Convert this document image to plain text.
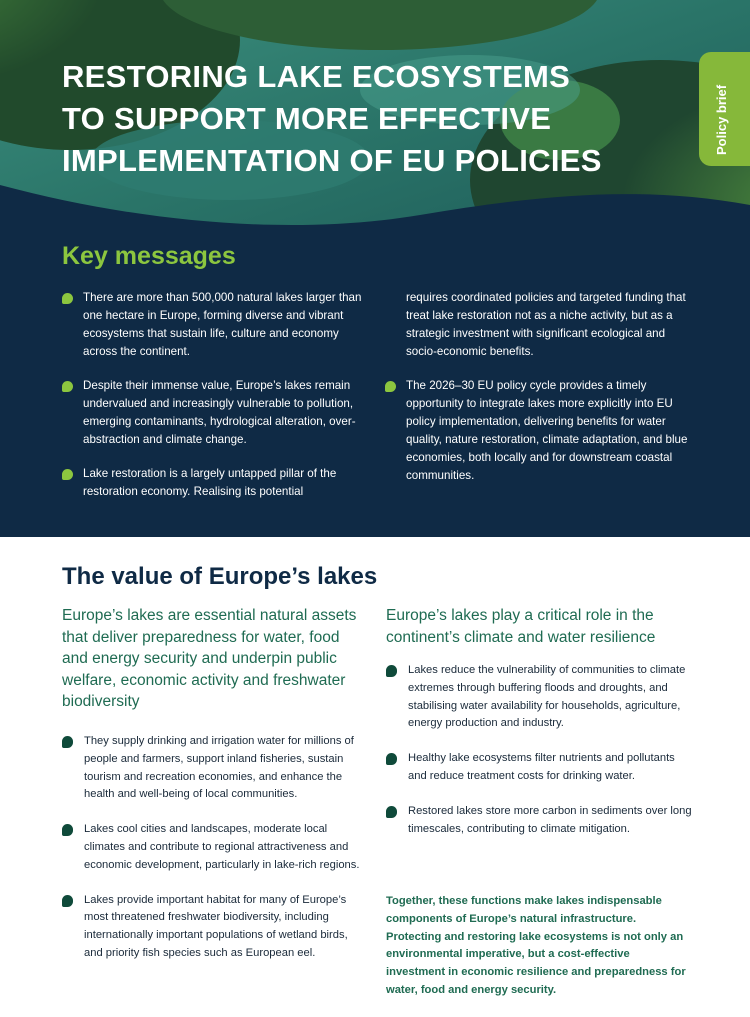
RESTORING LAKE ECOSYSTEMS
TO SUPPORT MORE EFFECTIVE
IMPLEMENTATION OF EU POLICIES
Policy brief
Key messages
There are more than 500,000 natural lakes larger than one hectare in Europe, forming diverse and vibrant ecosystems that sustain life, culture and economy across the continent.
Despite their immense value, Europe’s lakes remain undervalued and increasingly vulnerable to pollution, emerging contaminants, hydrological alteration, over-abstraction and climate change.
Lake restoration is a largely untapped pillar of the restoration economy. Realising its potential
requires coordinated policies and targeted funding that treat lake restoration not as a niche activity, but as a strategic investment with significant ecological and socio-economic benefits.
The 2026–30 EU policy cycle provides a timely opportunity to integrate lakes more explicitly into EU policy implementation, delivering benefits for water quality, nature restoration, climate adaptation, and blue economies, both locally and for downstream coastal communities.
The value of Europe’s lakes

Europe’s lakes are essential natural assets that deliver preparedness for water, food and energy security and underpin public welfare, economic activity and freshwater biodiversity

Europe’s lakes play a critical role in the continent’s climate and water resilience

They supply drinking and irrigation water for millions of people and farmers, support inland fisheries, sustain tourism and recreation economies, and enhance the health and well-being of local communities.
Lakes cool cities and landscapes, moderate local climates and contribute to regional attractiveness and economic development, particularly in lake-rich regions.
Lakes provide important habitat for many of Europe’s most threatened freshwater biodiversity, including internationally important populations of wetland birds, and priority fish species such as European eel.
Lakes reduce the vulnerability of communities to climate extremes through buffering floods and droughts, and stabilising water availability for households, agriculture, energy production and industry.
Healthy lake ecosystems filter nutrients and pollutants and reduce treatment costs for drinking water.
Restored lakes store more carbon in sediments over long timescales, contributing to climate mitigation.

Together, these functions make lakes indispensable components of Europe’s natural infrastructure. Protecting and restoring lake ecosystems is not only an environmental imperative, but a cost-effective investment in economic resilience and preparedness for water, food and energy security.
